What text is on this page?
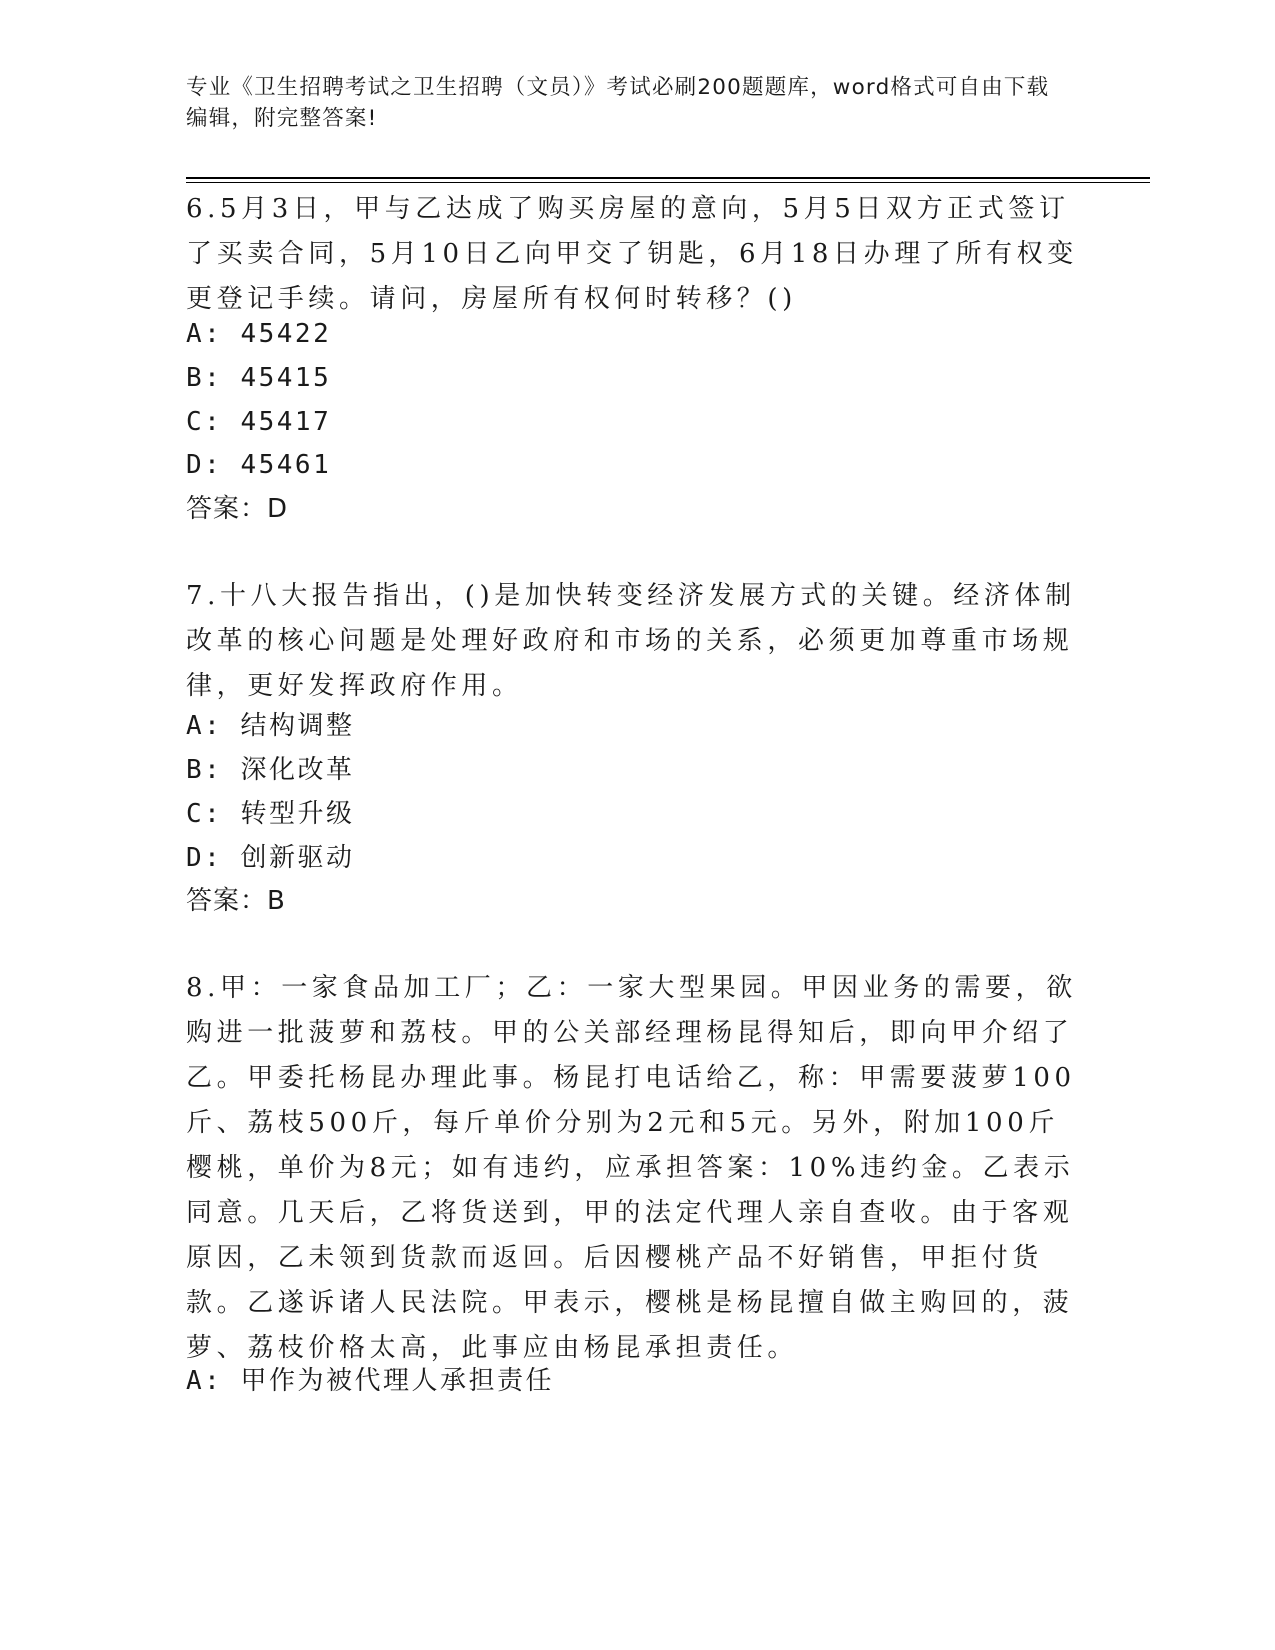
专业《卫生招聘考试之卫生招聘（文员）》考试必刷200题题库，word格式可自由下载编辑，附完整答案!
6.5月3日，甲与乙达成了购买房屋的意向，5月5日双方正式签订了买卖合同，5月10日乙向甲交了钥匙，6月18日办理了所有权变更登记手续。请问，房屋所有权何时转移？()
A: 45422
B: 45415
C: 45417
D: 45461
答案：D
7.十八大报告指出，()是加快转变经济发展方式的关键。经济体制改革的核心问题是处理好政府和市场的关系，必须更加尊重市场规律，更好发挥政府作用。
A: 结构调整
B: 深化改革
C: 转型升级
D: 创新驱动
答案：B
8.甲：一家食品加工厂；乙：一家大型果园。甲因业务的需要，欲购进一批菠萝和荔枝。甲的公关部经理杨昆得知后，即向甲介绍了乙。甲委托杨昆办理此事。杨昆打电话给乙，称：甲需要菠萝100斤、荔枝500斤，每斤单价分别为2元和5元。另外，附加100斤樱桃，单价为8元；如有违约，应承担答案：10%违约金。乙表示同意。几天后，乙将货送到，甲的法定代理人亲自查收。由于客观原因，乙未领到货款而返回。后因樱桃产品不好销售，甲拒付货款。乙遂诉诸人民法院。甲表示，樱桃是杨昆擅自做主购回的，菠萝、荔枝价格太高，此事应由杨昆承担责任。
A: 甲作为被代理人承担责任
